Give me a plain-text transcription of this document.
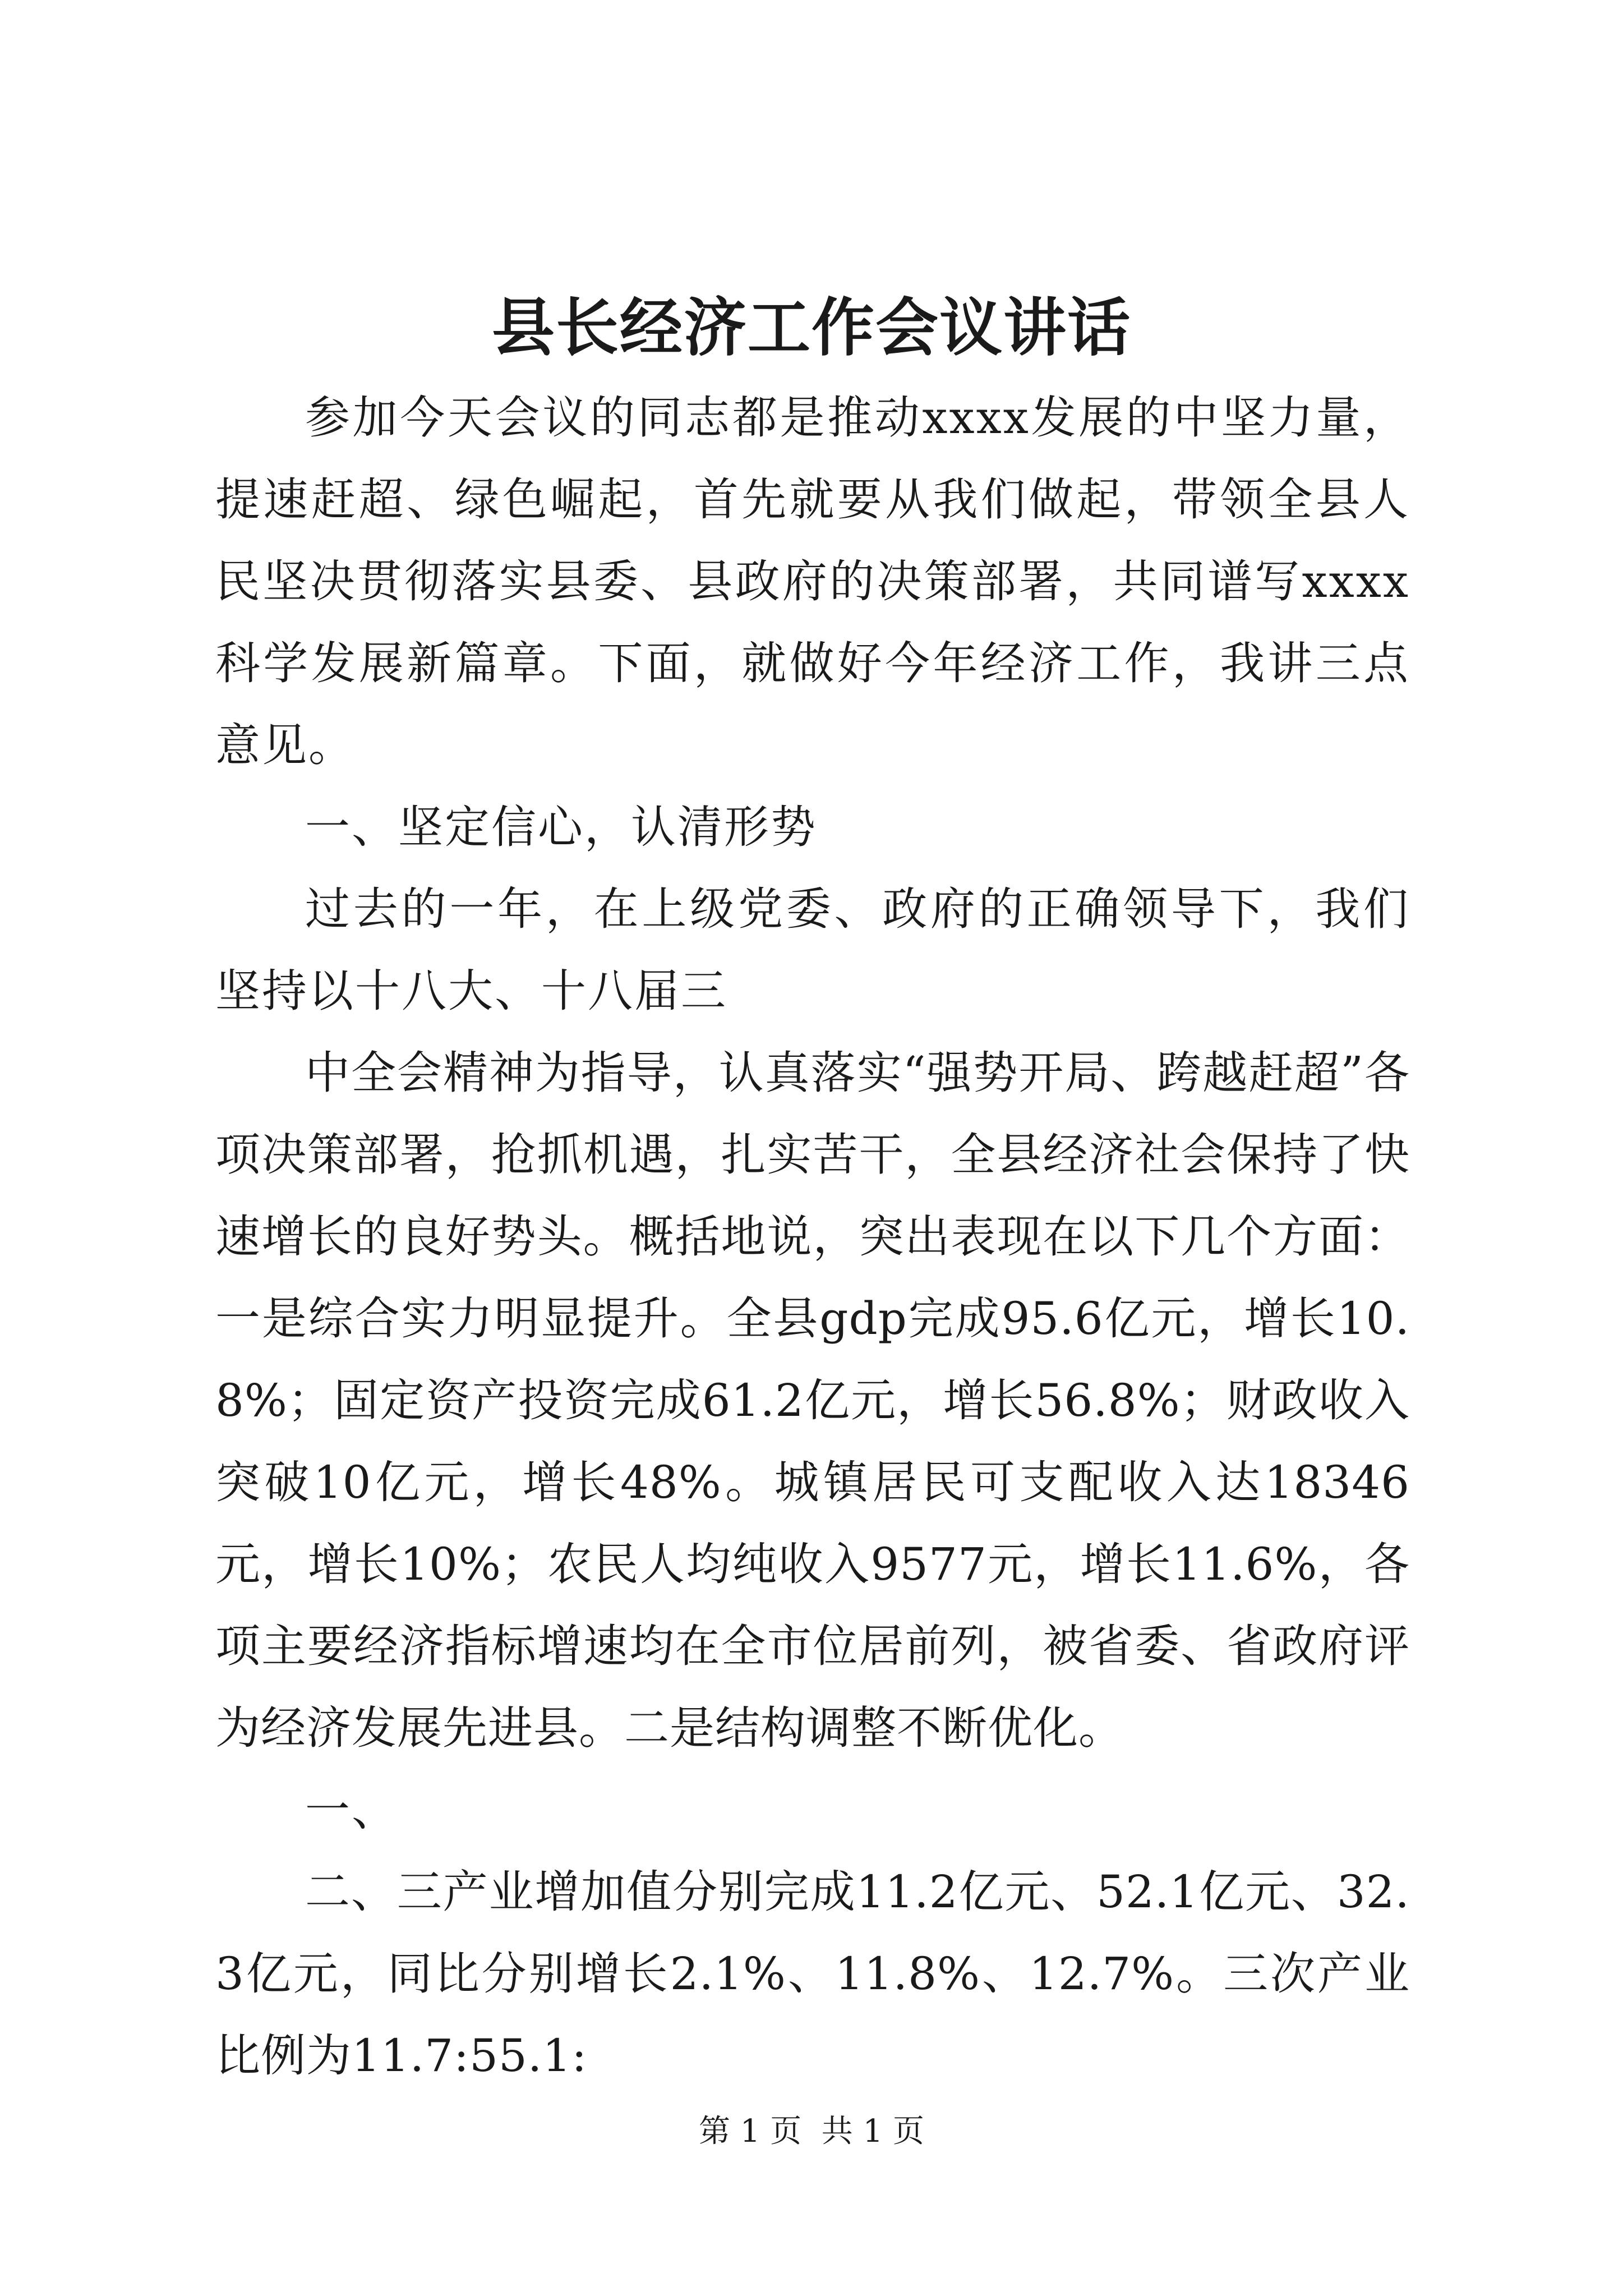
县长经济工作会议讲话

参加今天会议的同志都是推动xxxx发展的中坚力量，提速赶超、绿色崛起，首先就要从我们做起，带领全县人民坚决贯彻落实县委、县政府的决策部署，共同谱写xxxx科学发展新篇章。下面，就做好今年经济工作，我讲三点意见。

一、坚定信心，认清形势

过去的一年，在上级党委、政府的正确领导下，我们坚持以十八大、十八届三

中全会精神为指导，认真落实“强势开局、跨越赶超”各项决策部署，抢抓机遇，扎实苦干，全县经济社会保持了快速增长的良好势头。概括地说，突出表现在以下几个方面：一是综合实力明显提升。全县gdp完成95.6亿元，增长10.8%；固定资产投资完成61.2亿元，增长56.8%；财政收入突破10亿元，增长48%。城镇居民可支配收入达18346元，增长10%；农民人均纯收入9577元，增长11.6%，各项主要经济指标增速均在全市位居前列，被省委、省政府评为经济发展先进县。二是结构调整不断优化。

一、

二、三产业增加值分别完成11.2亿元、52.1亿元、32.3亿元，同比分别增长2.1%、11.8%、12.7%。三次产业比例为11.7:55.1:

第 1 页  共 1 页
